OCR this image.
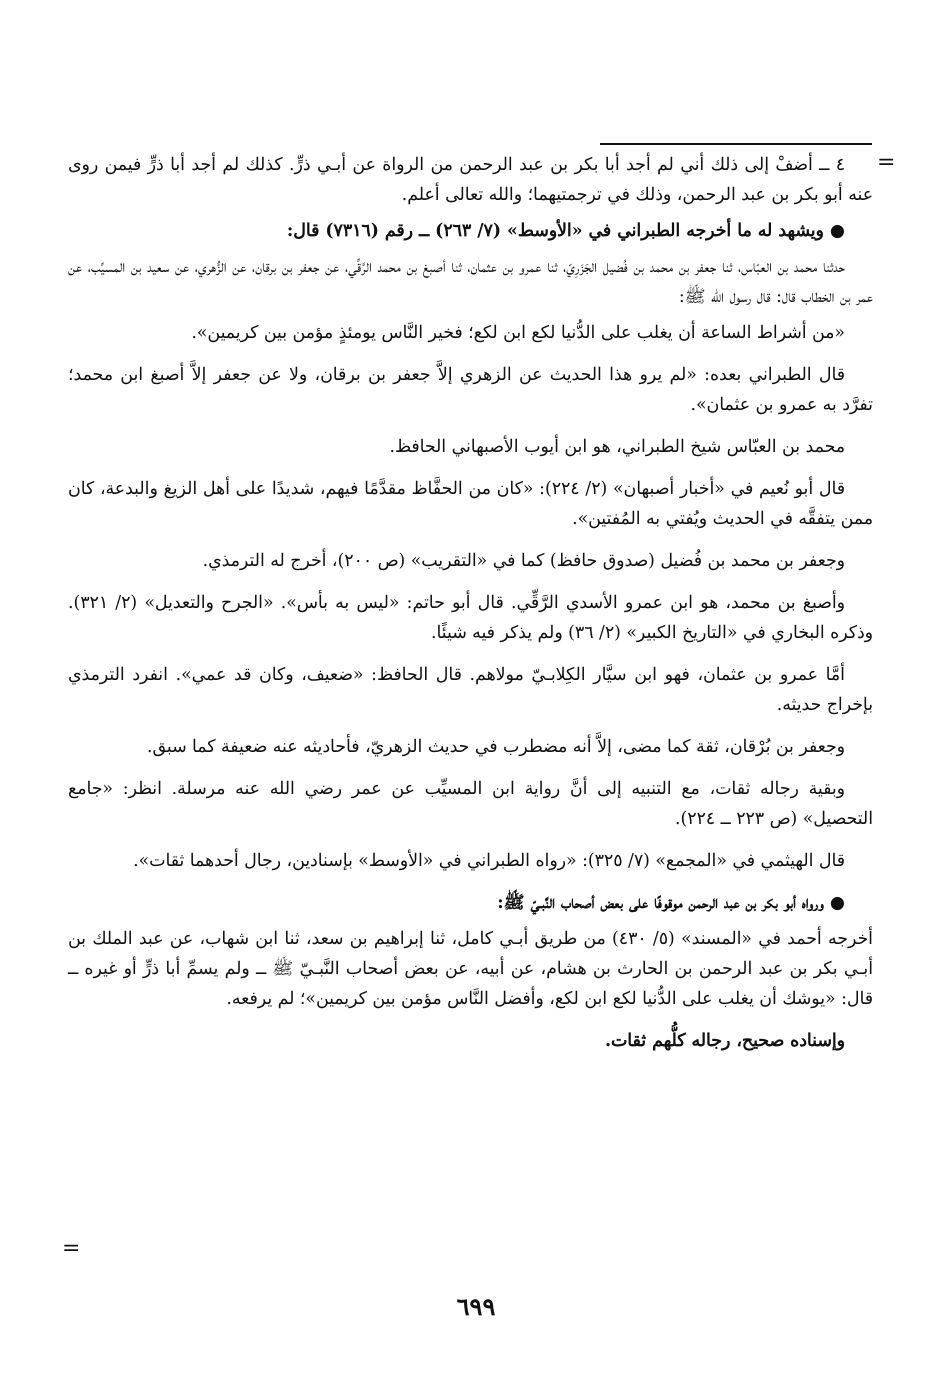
=

٤ ــ أضفْ إلى ذلك أني لم أجد أبا بكر بن عبد الرحمن من الرواة عن أبـي ذرٍّ. كذلك لم أجد أبا ذرٍّ فيمن روى عنه أبو بكر بن عبد الرحمن، وذلك في ترجمتيهما؛ والله تعالى أعلم.

● ويشهد له ما أخرجه الطبراني في «الأوسط» (٧/ ٢٦٣) ــ رقم (٧٣١٦) قال:

حدثنا محمد بن العبّاس، ثنا جعفر بن محمد بن فُضيل الجَزَرِيّ، ثنا عمرو بن عثمان، ثنا أصبغ بن محمد الرَّقِّي، عن جعفر بن برقان، عن الزُّهري، عن سعيد بن المسيِّب، عن عمر بن الخطاب قال: قال رسول الله ﷺ:

«من أشراط الساعة أن يغلب على الدُّنيا لكع ابن لكع؛ فخير النَّاس يومئذٍ مؤمن بين كريمين».

قال الطبراني بعده: «لم يرو هذا الحديث عن الزهري إلاَّ جعفر بن برقان، ولا عن جعفر إلاَّ أصبغ ابن محمد؛ تفرَّد به عمرو بن عثمان».

محمد بن العبّاس شيخ الطبراني، هو ابن أيوب الأصبهاني الحافظ.

قال أبو نُعيم في «أخبار أصبهان» (٢/ ٢٢٤): «كان من الحفَّاظ مقدَّمًا فيهم، شديدًا على أهل الزيغ والبدعة، كان ممن يتفقَّه في الحديث ويُفتي به المُفتين».

وجعفر بن محمد بن فُضيل (صدوق حافظ) كما في «التقريب» (ص ٢٠٠)، أخرج له الترمذي.

وأصبغ بن محمد، هو ابن عمرو الأسدي الرَّقِّي. قال أبو حاتم: «ليس به بأس». «الجرح والتعديل» (٢/ ٣٢١). وذكره البخاري في «التاريخ الكبير» (٢/ ٣٦) ولم يذكر فيه شيئًا.

أمَّا عمرو بن عثمان، فهو ابن سيَّار الكِلابـيّ مولاهم. قال الحافظ: «ضعيف، وكان قد عمي». انفرد الترمذي بإخراج حديثه.

وجعفر بن بُرْقان، ثقة كما مضى، إلاَّ أنه مضطرب في حديث الزهريّ، فأحاديثه عنه ضعيفة كما سبق.

وبقية رجاله ثقات، مع التنبيه إلى أنَّ رواية ابن المسيِّب عن عمر رضي الله عنه مرسلة. انظر: «جامع التحصيل» (ص ٢٢٣ ــ ٢٢٤).

قال الهيثمي في «المجمع» (٧/ ٣٢٥): «رواه الطبراني في «الأوسط» بإسنادين، رجال أحدهما ثقات».

● ورواه أبو بكر بن عبد الرحمن موقوفًا على بعض أصحاب النَّبـيّ ﷺ:

أخرجه أحمد في «المسند» (٥/ ٤٣٠) من طريق أبـي كامل، ثنا إبراهيم بن سعد، ثنا ابن شهاب، عن عبد الملك بن أبـي بكر بن عبد الرحمن بن الحارث بن هشام، عن أبيه، عن بعض أصحاب النَّبـيّ ﷺ ــ ولم يسمِّ أبا ذرٍّ أو غيره ــ قال: «يوشك أن يغلب على الدُّنيا لكع ابن لكع، وأفضل النَّاس مؤمن بين كريمين»؛ لم يرفعه.

وإسناده صحيح، رجاله كلُّهم ثقات.

=
٦٩٩
